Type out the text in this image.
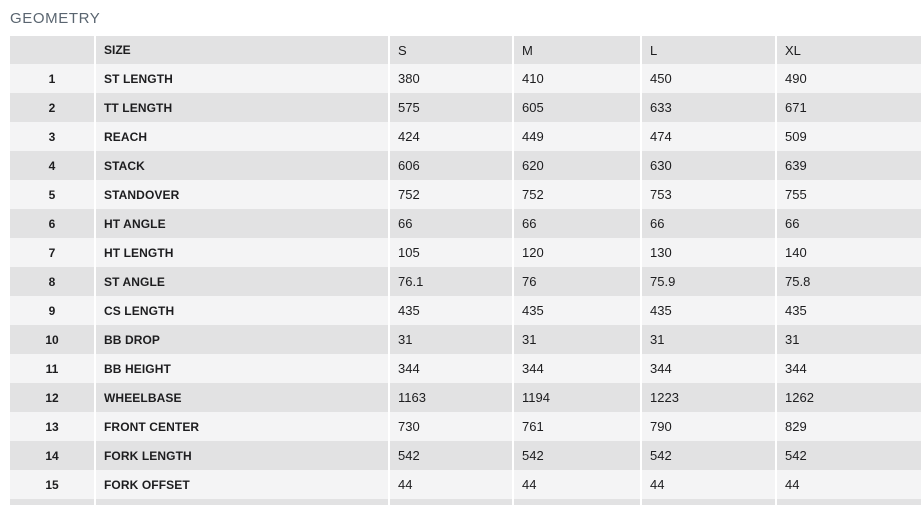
GEOMETRY
	SIZE	S	M	L	XL
1	ST LENGTH	380	410	450	490
2	TT LENGTH	575	605	633	671
3	REACH	424	449	474	509
4	STACK	606	620	630	639
5	STANDOVER	752	752	753	755
6	HT ANGLE	66	66	66	66
7	HT LENGTH	105	120	130	140
8	ST ANGLE	76.1	76	75.9	75.8
9	CS LENGTH	435	435	435	435
10	BB DROP	31	31	31	31
11	BB HEIGHT	344	344	344	344
12	WHEELBASE	1163	1194	1223	1262
13	FRONT CENTER	730	761	790	829
14	FORK LENGTH	542	542	542	542
15	FORK OFFSET	44	44	44	44
